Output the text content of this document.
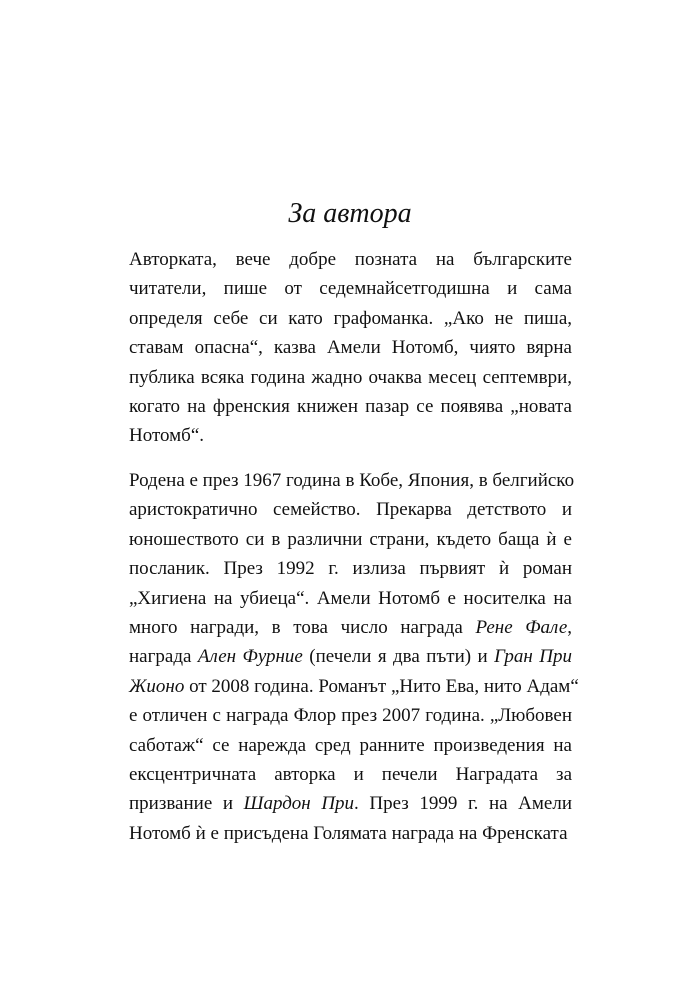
За автора
Авторката, вече добре позната на българските
читатели, пише от седемнайсетгодишна и сама
определя себе си като графоманка. „Ако не пиша,
ставам опасна“, казва Амели Нотомб, чиято вярна
публика всяка година жадно очаква месец септември,
когато на френския книжен пазар се появява „новата
Нотомб“.
Родена е през 1967 година в Кобе, Япония, в белгийско
аристократично семейство. Прекарва детството и
юношеството си в различни страни, където баща ѝ е
посланик. През 1992 г. излиза първият ѝ роман
„Хигиена на убиеца“. Амели Нотомб е носителка на
много награди, в това число награда Рене Фале,
награда Ален Фурние (печели я два пъти) и Гран При
Жионо от 2008 година. Романът „Нито Ева, нито Адам“
е отличен с награда Флор през 2007 година. „Любовен
саботаж“ се нарежда сред ранните произведения на
ексцентричната авторка и печели Наградата за
призвание и Шардон При. През 1999 г. на Амели
Нотомб ѝ е присъдена Голямата награда на Френската
